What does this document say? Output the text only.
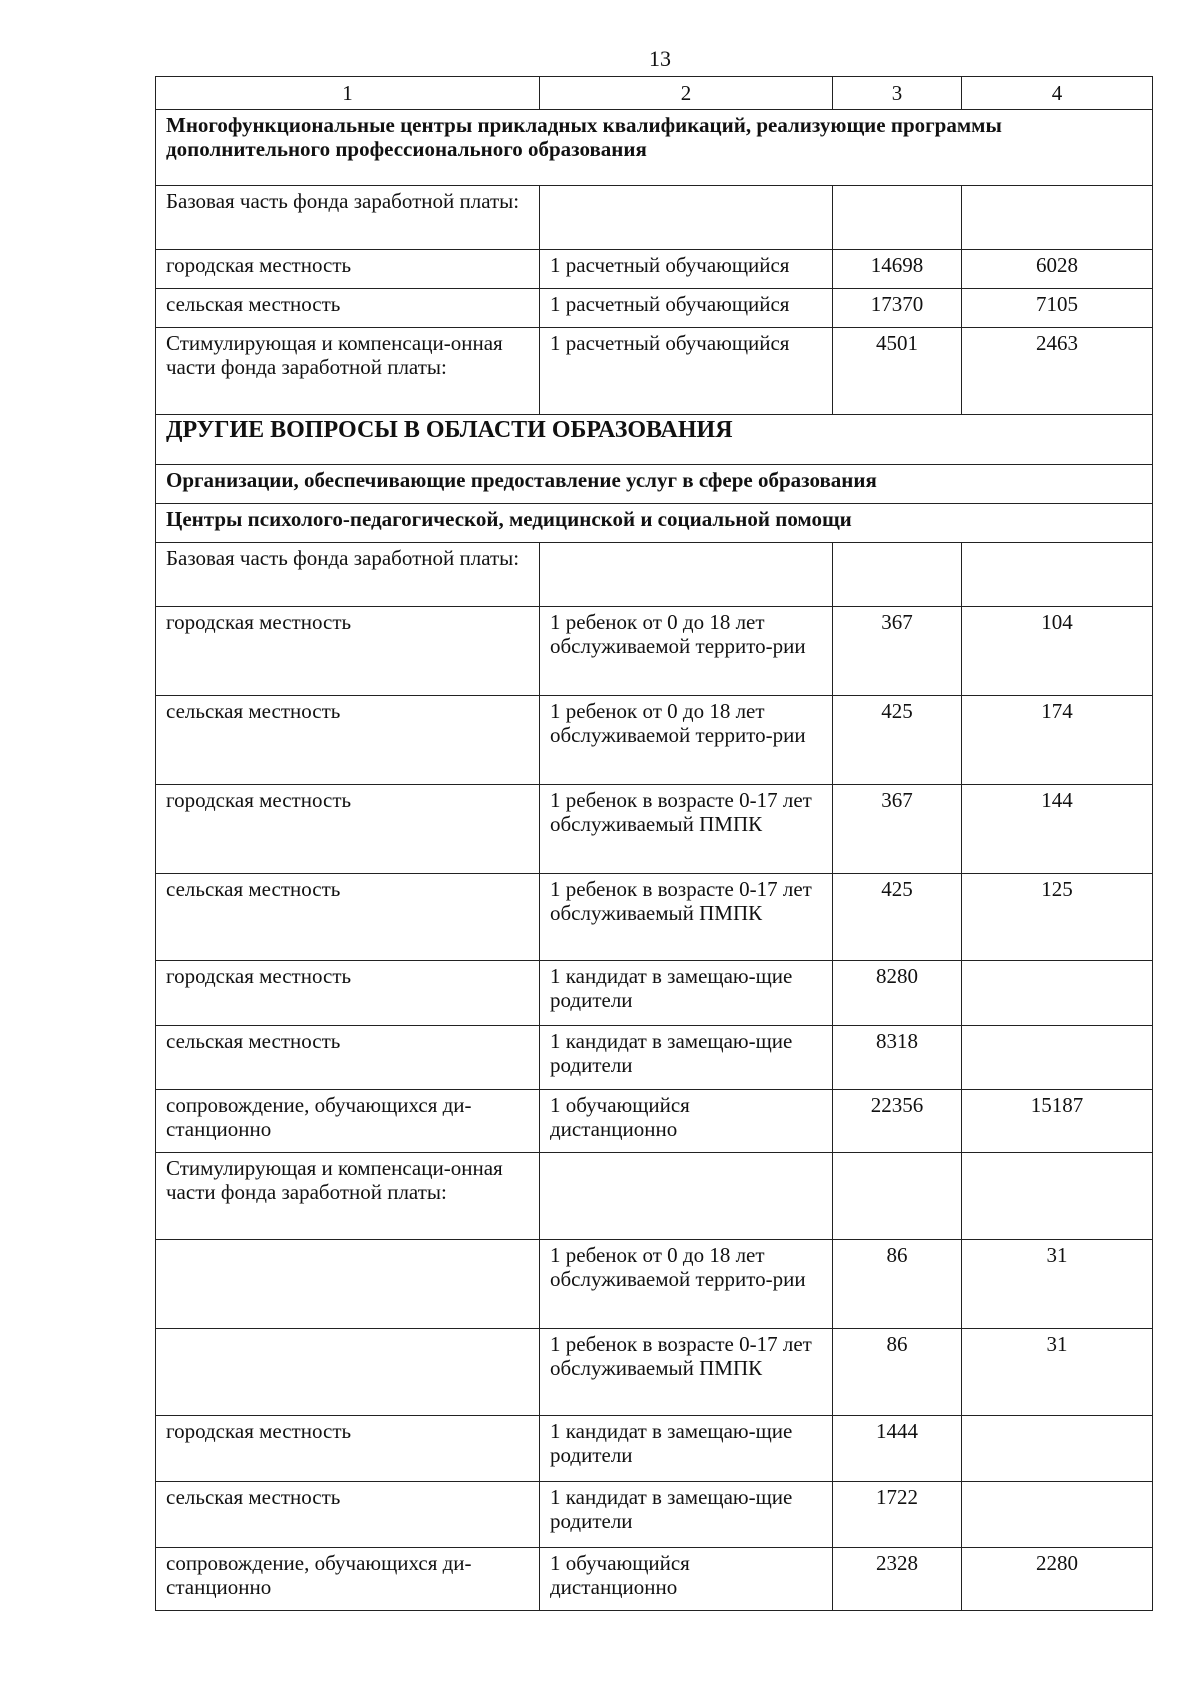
13
1	2	3	4
Многофункциональные центры прикладных квалификаций, реализующие программы дополнительного профессионального образования			
Базовая часть фонда заработной платы:			
городская местность	1 расчетный обучающийся	14698	6028
сельская местность	1 расчетный обучающийся	17370	7105
Стимулирующая и компенсаци-онная части фонда заработной платы:	1 расчетный обучающийся	4501	2463
ДРУГИЕ ВОПРОСЫ В ОБЛАСТИ ОБРАЗОВАНИЯ			
Организации, обеспечивающие предоставление услуг в сфере образования			
Центры психолого-педагогической, медицинской и социальной помощи			
Базовая часть фонда заработной платы:			
городская местность	1 ребенок от 0 до 18 лет обслуживаемой террито-рии	367	104
сельская местность	1 ребенок от 0 до 18 лет обслуживаемой террито-рии	425	174
городская местность	1 ребенок в возрасте 0-17 лет обслуживаемый ПМПК	367	144
сельская местность	1 ребенок в возрасте 0-17 лет обслуживаемый ПМПК	425	125
городская местность	1 кандидат в замещаю-щие родители	8280	
сельская местность	1 кандидат в замещаю-щие родители	8318	
сопровождение, обучающихся ди-станционно	1 обучающийся дистанционно	22356	15187
Стимулирующая и компенсаци-онная части фонда заработной платы:			
	1 ребенок от 0 до 18 лет обслуживаемой террито-рии	86	31
	1 ребенок в возрасте 0-17 лет обслуживаемый ПМПК	86	31
городская местность	1 кандидат в замещаю-щие родители	1444	
сельская местность	1 кандидат в замещаю-щие родители	1722	
сопровождение, обучающихся ди-станционно	1 обучающийся дистанционно	2328	2280
